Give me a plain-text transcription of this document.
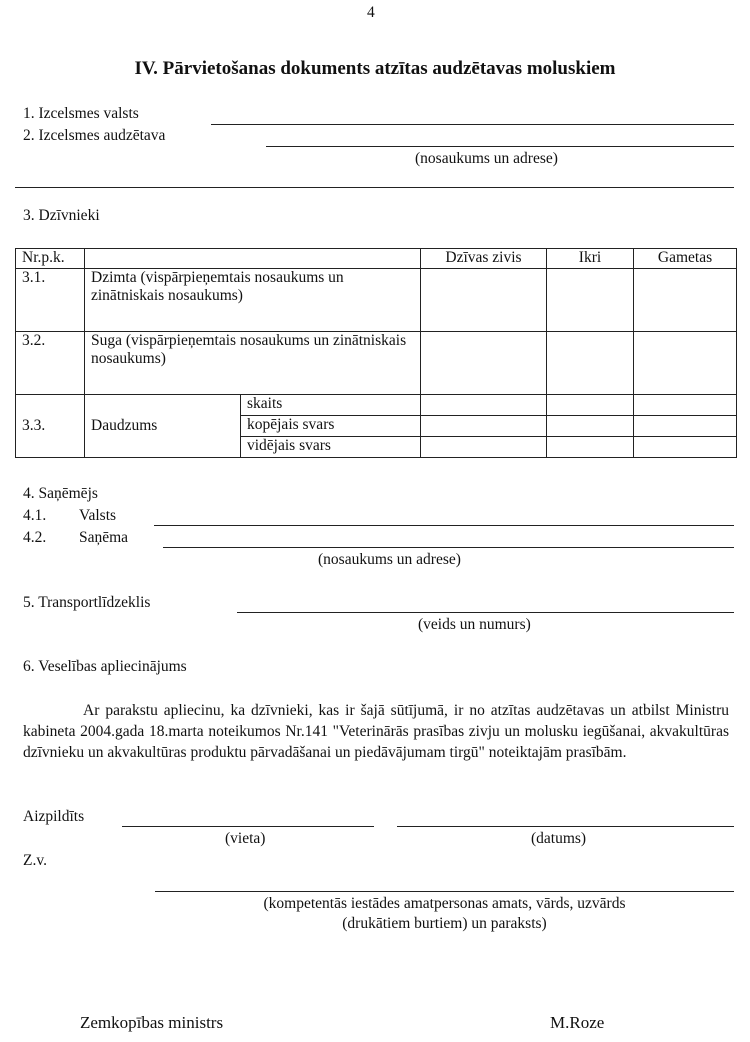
4
IV. Pārvietošanas dokuments atzītas audzētavas moluskiem
1. Izcelsmes valsts
2. Izcelsmes audzētava
(nosaukums un adrese)
3. Dzīvnieki
Nr.p.k.			Dzīvas zivis	Ikri	Gametas
3.1.	Dzimta (vispārpieņemtais nosaukums un zinātniskais nosaukums)				
3.2.	Suga (vispārpieņemtais nosaukums un zinātniskais nosaukums)				
3.3.	Daudzums	skaits			
		kopējais svars			
		vidējais svars			
4. Saņēmējs
4.1. Valsts
4.2. Saņēma
(nosaukums un adrese)
5. Transportlīdzeklis
(veids un numurs)
6. Veselības apliecinājums
Ar parakstu apliecinu, ka dzīvnieki, kas ir šajā sūtījumā, ir no atzītas audzētavas un atbilst Ministru kabineta 2004.gada 18.marta noteikumos Nr.141 "Veterinārās prasības zivju un molusku iegūšanai, akvakultūras dzīvnieku un akvakultūras produktu pārvadāšanai un piedāvājumam tirgū" noteiktajām prasībām.
Aizpildīts
(vieta)	(datums)
Z.v.
(kompetentās iestādes amatpersonas amats, vārds, uzvārds
(drukātiem burtiem) un paraksts)
Zemkopības ministrs	M.Roze
